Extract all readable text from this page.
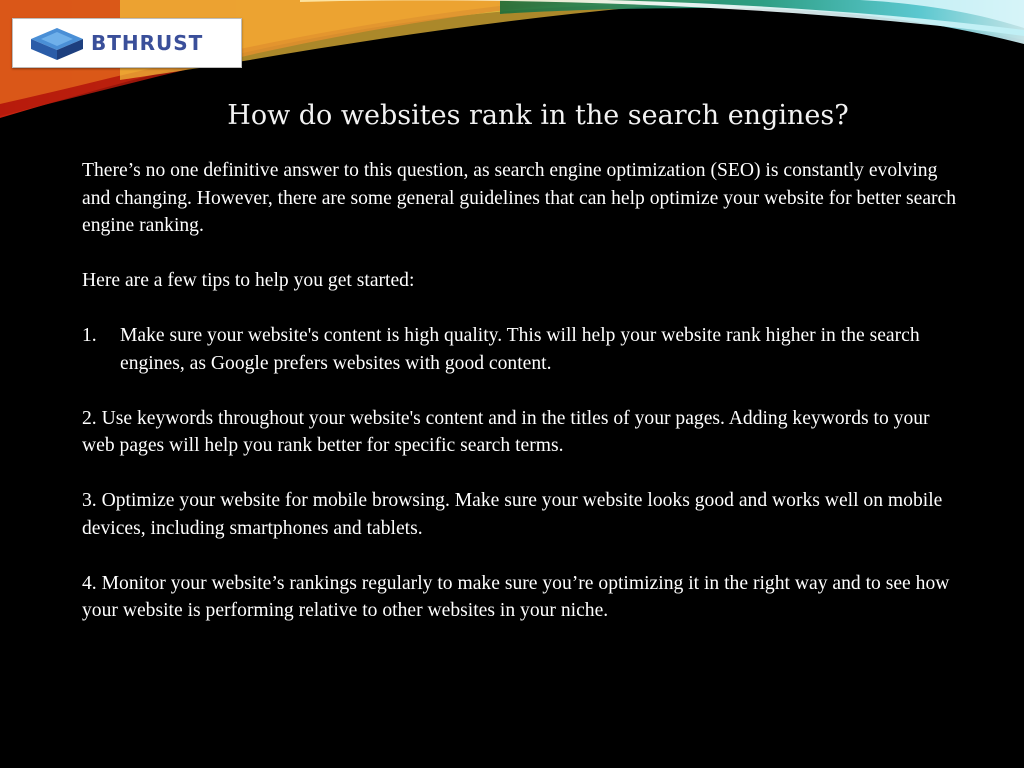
BTHRUST
How do websites rank in the search engines?

There’s no one definitive answer to this question, as search engine optimization (SEO) is constantly evolving and changing. However, there are some general guidelines that can help optimize your website for better search engine ranking.

Here are a few tips to help you get started:

1.	Make sure your website's content is high quality. This will help your website rank higher in the search engines, as Google prefers websites with good content.

2. Use keywords throughout your website's content and in the titles of your pages. Adding keywords to your web pages will help you rank better for specific search terms.

3. Optimize your website for mobile browsing. Make sure your website looks good and works well on mobile devices, including smartphones and tablets.

4. Monitor your website’s rankings regularly to make sure you’re optimizing it in the right way and to see how your website is performing relative to other websites in your niche.
